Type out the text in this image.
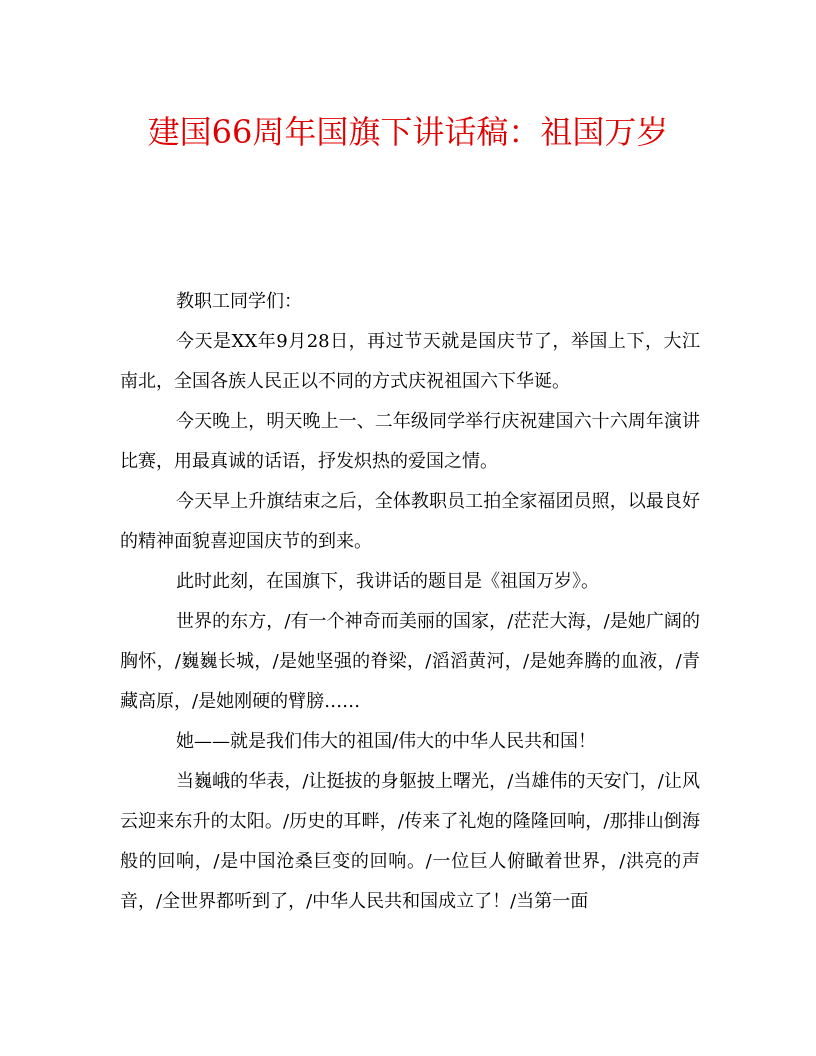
建国66周年国旗下讲话稿：祖国万岁

教职工同学们：

今天是XX年9月28日，再过节天就是国庆节了，举国上下，大江南北，全国各族人民正以不同的方式庆祝祖国六下华诞。

今天晚上，明天晚上一、二年级同学举行庆祝建国六十六周年演讲比赛，用最真诚的话语，抒发炽热的爱国之情。

今天早上升旗结束之后，全体教职员工拍全家福团员照，以最良好的精神面貌喜迎国庆节的到来。

此时此刻，在国旗下，我讲话的题目是《祖国万岁》。

世界的东方，/有一个神奇而美丽的国家，/茫茫大海，/是她广阔的胸怀，/巍巍长城，/是她坚强的脊梁，/滔滔黄河，/是她奔腾的血液，/青藏高原，/是她刚硬的臂膀……

她——就是我们伟大的祖国/伟大的中华人民共和国！

当巍峨的华表，/让挺拔的身躯披上曙光，/当雄伟的天安门，/让风云迎来东升的太阳。/历史的耳畔，/传来了礼炮的隆隆回响，/那排山倒海般的回响，/是中国沧桑巨变的回响。/一位巨人俯瞰着世界，/洪亮的声音，/全世界都听到了，/中华人民共和国成立了！/当第一面
